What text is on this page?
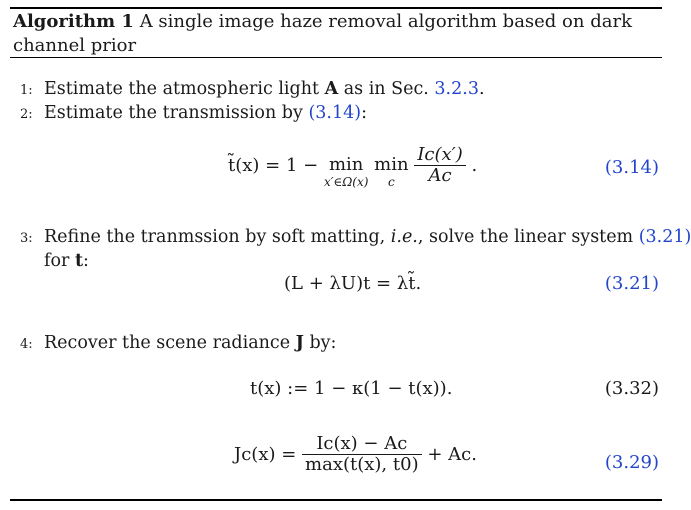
Algorithm 1 A single image haze removal algorithm based on dark channel prior
1: Estimate the atmospheric light A as in Sec. 3.2.3.
2: Estimate the transmission by (3.14):
t̃(x) = 1 − min
x′∈Ω(x)

min
c
	$\frac{Ic(x')}{Ac}$ .	(3.14)
3: Refine the tranmssion by soft matting, i.e., solve the linear system (3.21)
for t:
(L + λU)t = λt̃.	(3.21)
4: Recover the scene radiance J by:
t(x) := 1 − κ(1 − t(x)).	(3.32)
$Jc(x) = \frac{Ic(x) - Ac}{\max(t(x), t0)} + Ac$.	(3.29)
